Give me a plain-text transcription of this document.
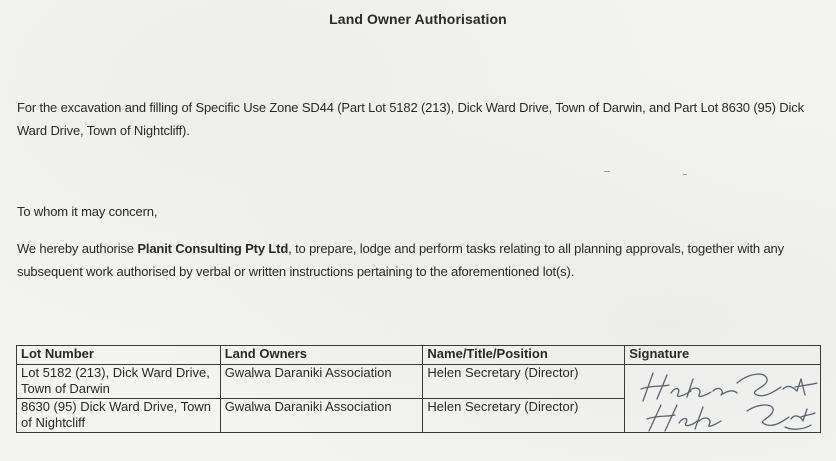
Land Owner Authorisation
For the excavation and filling of Specific Use Zone SD44 (Part Lot 5182 (213), Dick Ward Drive, Town of Darwin, and Part Lot 8630 (95) Dick Ward Drive, Town of Nightcliff).
To whom it may concern,
We hereby authorise Planit Consulting Pty Ltd, to prepare, lodge and perform tasks relating to all planning approvals, together with any subsequent work authorised by verbal or written instructions pertaining to the aforementioned lot(s).
Lot Number	Land Owners	Name/Title/Position	Signature
Lot 5182 (213), Dick Ward Drive, Town of Darwin	Gwalwa Daraniki Association	Helen Secretary (Director)	

8630 (95) Dick Ward Drive, Town of Nightcliff	Gwalwa Daraniki Association	Helen Secretary (Director)	
